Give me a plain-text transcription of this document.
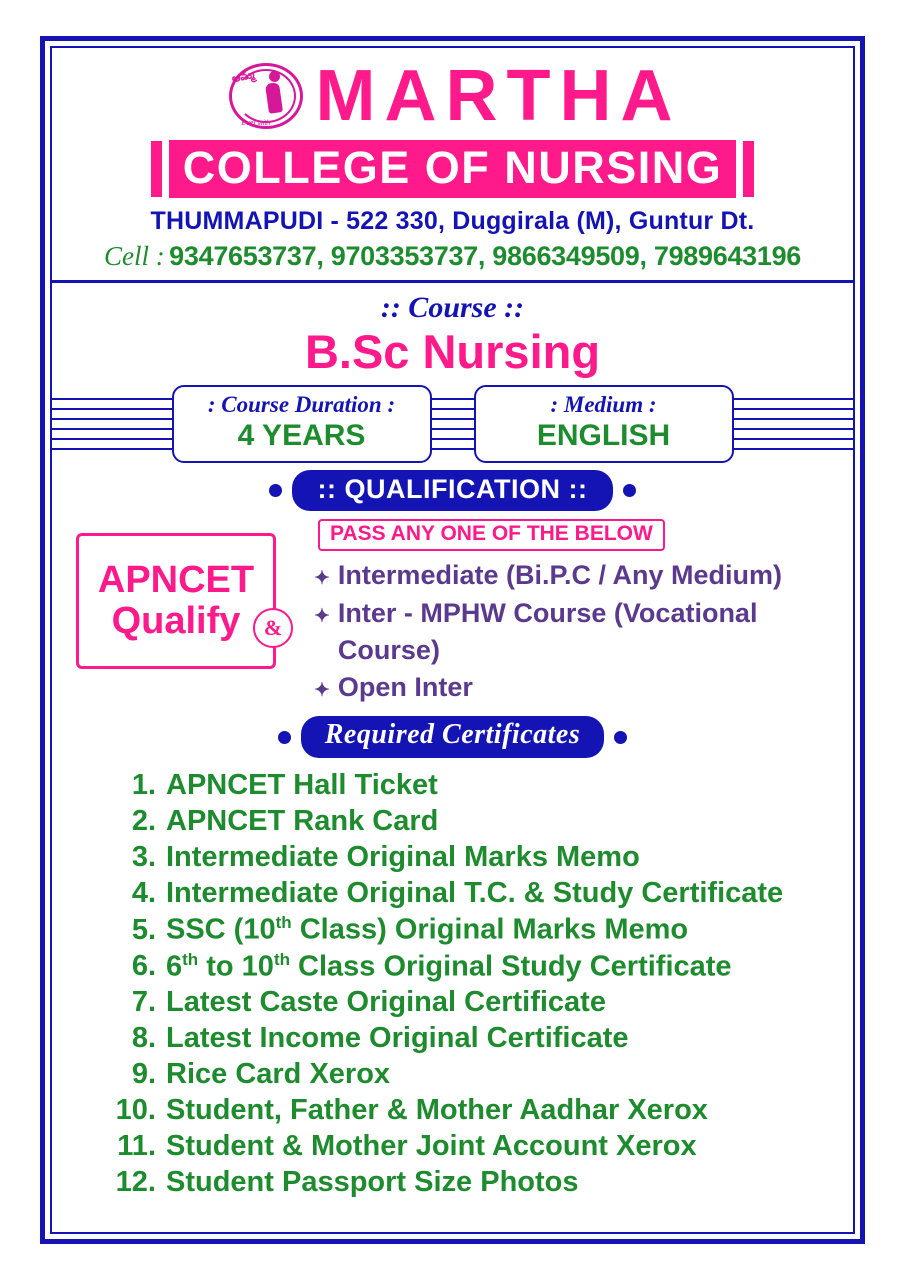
అమ్మ
Ever with MARTHA
COLLEGE OF NURSING
THUMMAPUDI - 522 330, Duggirala (M), Guntur Dt.
Cell : 9347653737, 9703353737, 9866349509, 7989643196
:: Course ::
B.Sc Nursing
: Course Duration :
4 YEARS
: Medium :
ENGLISH
:: QUALIFICATION ::
APNCET
Qualify	&
PASS ANY ONE OF THE BELOW
✦ Intermediate (Bi.P.C / Any Medium)
✦ Inter - MPHW Course (Vocational Course)
✦ Open Inter
Required Certificates
1. APNCET Hall Ticket
2. APNCET Rank Card
3. Intermediate Original Marks Memo
4. Intermediate Original T.C. & Study Certificate
5. SSC (10th Class) Original Marks Memo
6. 6th to 10th Class Original Study Certificate
7. Latest Caste Original Certificate
8. Latest Income Original Certificate
9. Rice Card Xerox
10. Student, Father & Mother Aadhar Xerox
11. Student & Mother Joint Account Xerox
12. Student Passport Size Photos
